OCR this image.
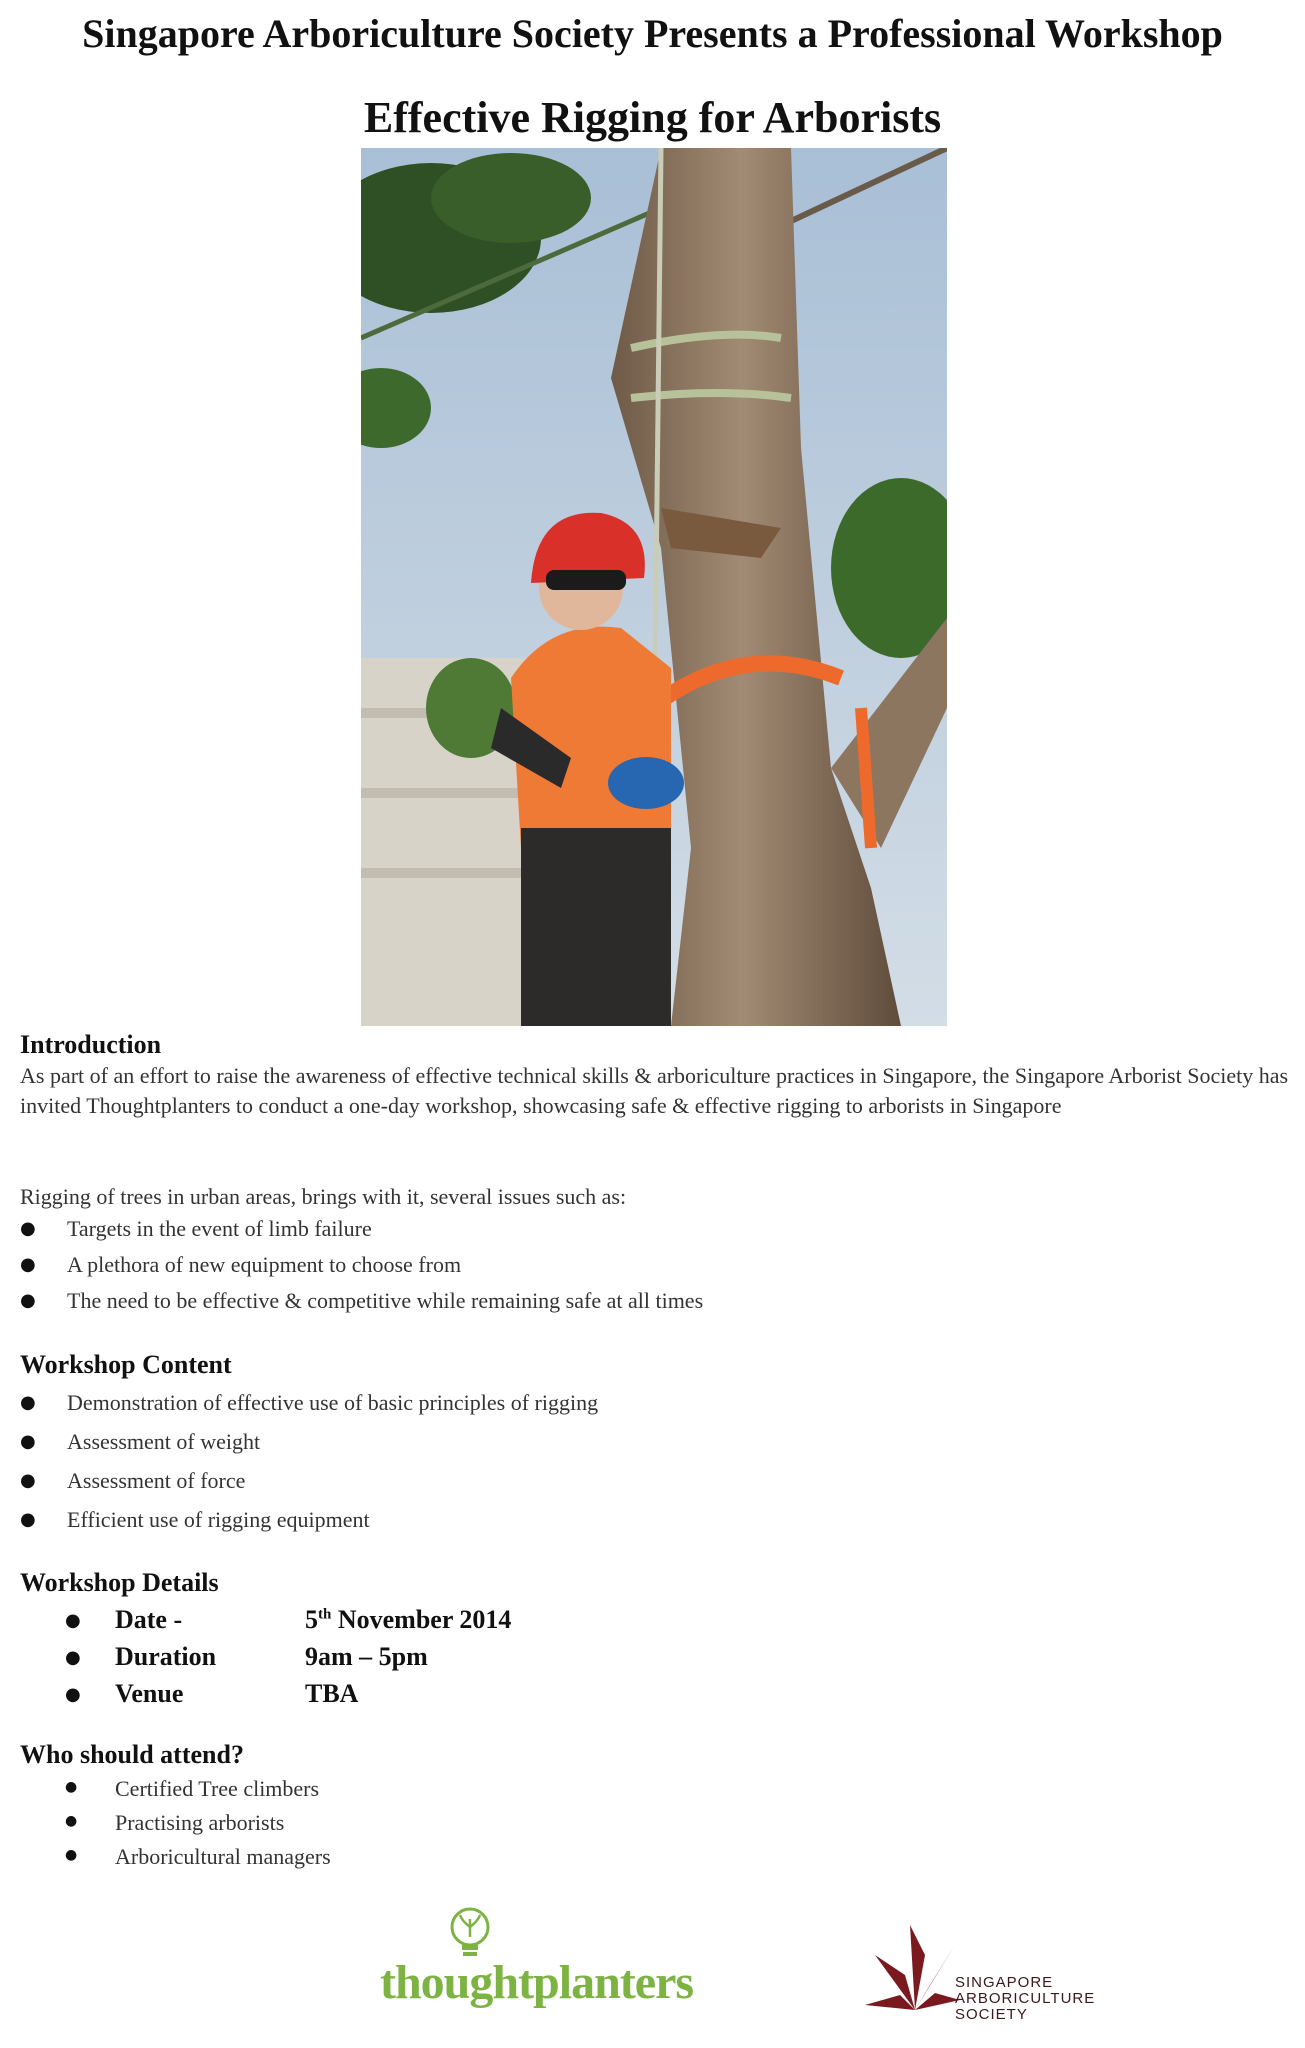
Singapore Arboriculture Society Presents a Professional Workshop
Effective Rigging for Arborists
Introduction
As part of an effort to raise the awareness of effective technical skills & arboriculture practices in Singapore, the Singapore Arborist Society has invited Thoughtplanters to conduct a one-day workshop, showcasing safe & effective rigging to arborists in Singapore
Rigging of trees in urban areas, brings with it, several issues such as:
● Targets in the event of limb failure
● A plethora of new equipment to choose from
● The need to be effective & competitive while remaining safe at all times
Workshop Content
● Demonstration of effective use of basic principles of rigging
● Assessment of weight
● Assessment of force
● Efficient use of rigging equipment
Workshop Details
● Date -	5th November 2014
● Duration	9am – 5pm
● Venue	TBA
Who should attend?
● Certified Tree climbers
● Practising arborists
● Arboricultural managers
thoughtplanters	SINGAPORE
ARBORICULTURE
SOCIETY
